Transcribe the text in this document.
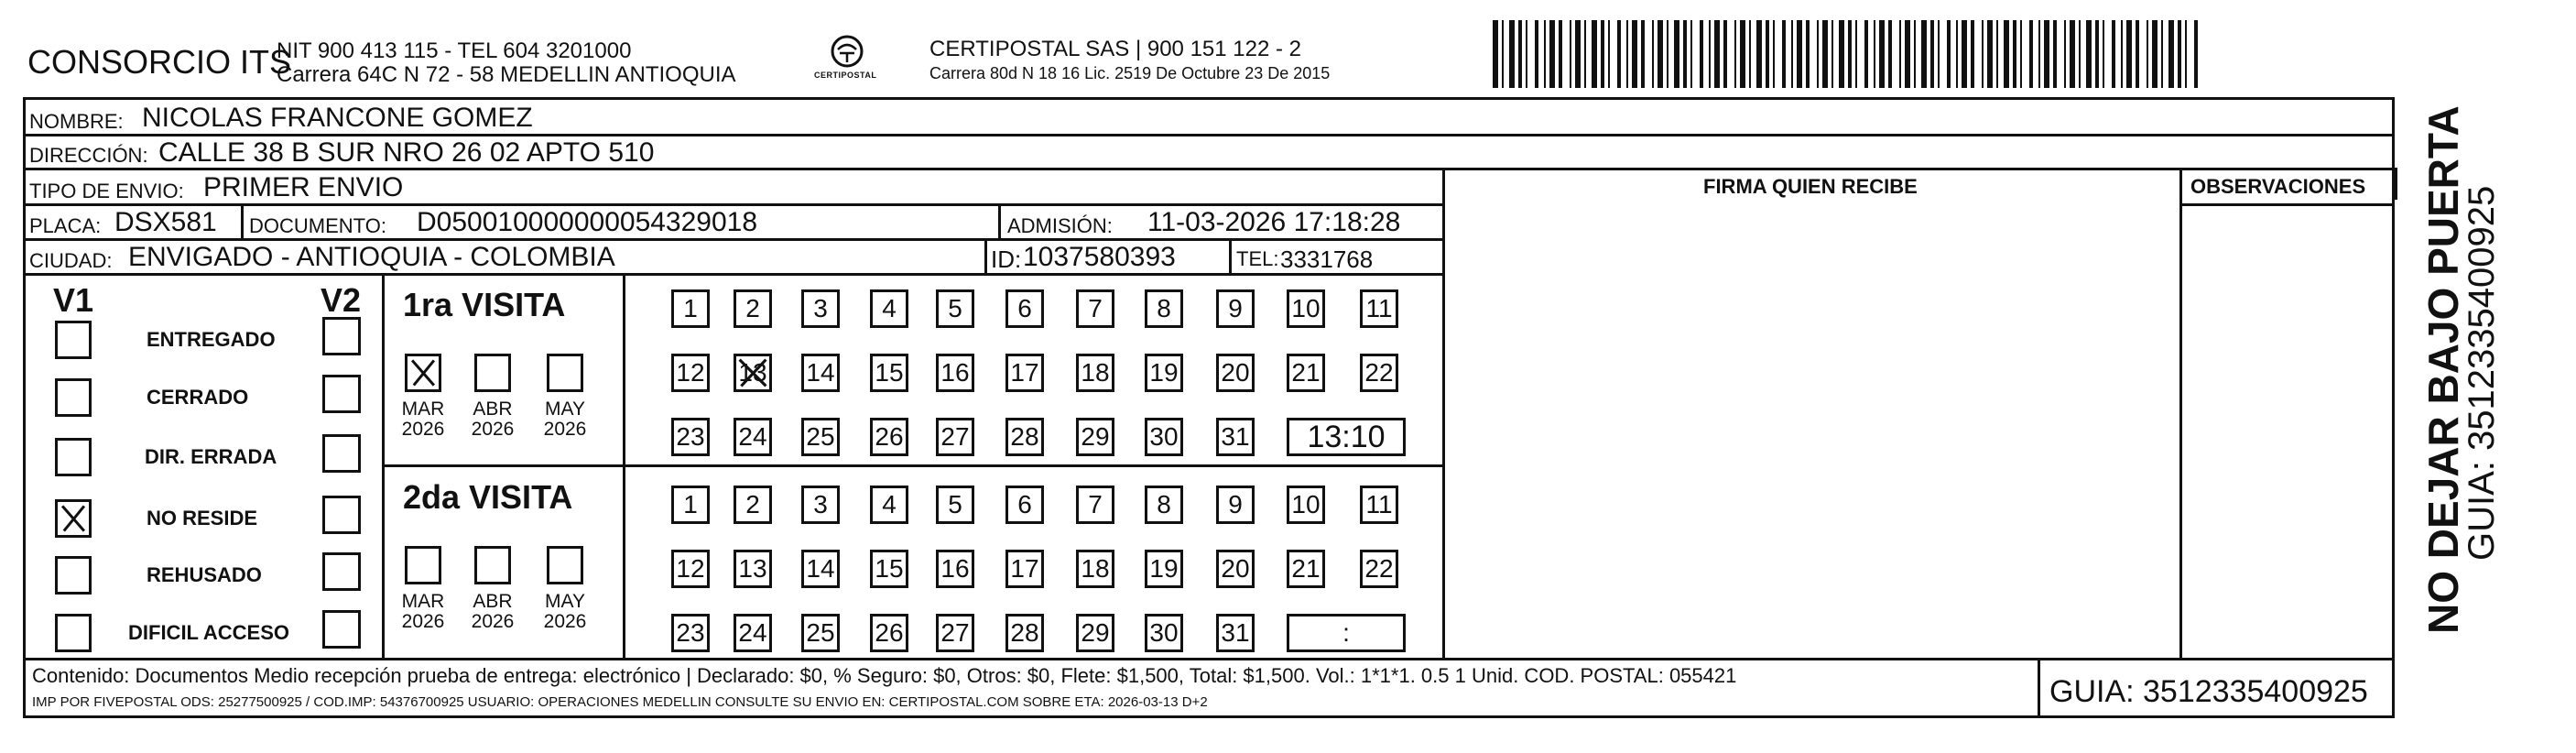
CONSORCIO ITS
NIT 900 413 115 - TEL 604 3201000
Carrera 64C N 72 - 58 MEDELLIN ANTIOQUIA	CERTIPOSTAL
CERTIPOSTAL SAS | 900 151 122 - 2
Carrera 80d N 18 16 Lic. 2519 De Octubre 23 De 2015
NOMBRE: NICOLAS FRANCONE GOMEZ
DIRECCIÓN: CALLE 38 B SUR NRO 26 02 APTO 510
TIPO DE ENVIO: PRIMER ENVIO	FIRMA QUIEN RECIBE	OBSERVACIONES
PLACA: DSX581 DOCUMENTO: D050010000000054329018	ADMISIÓN: 11-03-2026 17:18:28
CIUDAD: ENVIGADO - ANTIOQUIA - COLOMBIA	ID: 1037580393	TEL: 3331768
V1	V2
ENTREGADO
CERRADO
DIR. ERRADA
NO RESIDE
REHUSADO
DIFICIL ACCESO
1ra VISITA
MAR
2026
ABR
2026
MAY
2026
1	2	3	4	5	6	7	8	9	10 11
12 13 14 15 16 17 18 19 20 21 22
23 24 25 26 27 28 29 30 31	13:10
2da VISITA
MAR
2026
ABR
2026
MAY
2026
1	2	3	4	5	6	7	8	9	10 11
12 13 14 15 16 17 18 19 20 21 22
23 24 25 26 27 28 29 30 31	:	NO DEJAR BAJO PUERTA
GUIA: 3512335400925
Contenido: Documentos Medio recepción prueba de entrega: electrónico | Declarado: $0, % Seguro: $0, Otros: $0, Flete: $1,500, Total: $1,500. Vol.: 1*1*1. 0.5 1 Unid. COD. POSTAL: 055421
IMP POR FIVEPOSTAL ODS: 25277500925 / COD.IMP: 54376700925 USUARIO: OPERACIONES MEDELLIN CONSULTE SU ENVIO EN: CERTIPOSTAL.COM SOBRE ETA: 2026-03-13 D+2	GUIA: 3512335400925
